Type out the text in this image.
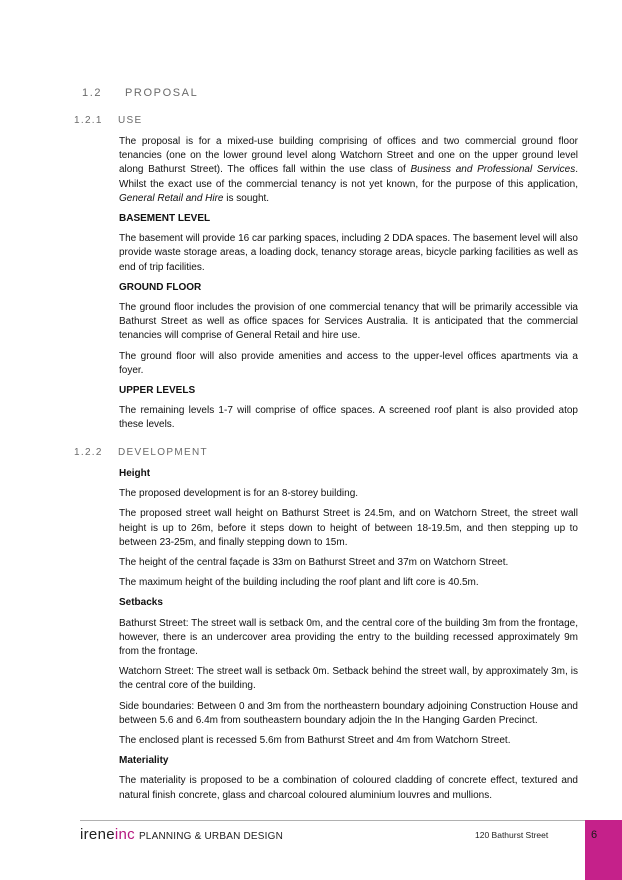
1.2 PROPOSAL
1.2.1 USE

The proposal is for a mixed-use building comprising of offices and two commercial ground floor tenancies (one on the lower ground level along Watchorn Street and one on the upper ground level along Bathurst Street). The offices fall within the use class of Business and Professional Services. Whilst the exact use of the commercial tenancy is not yet known, for the purpose of this application, General Retail and Hire is sought.

BASEMENT LEVEL

The basement will provide 16 car parking spaces, including 2 DDA spaces. The basement level will also provide waste storage areas, a loading dock, tenancy storage areas, bicycle parking facilities as well as end of trip facilities.

GROUND FLOOR

The ground floor includes the provision of one commercial tenancy that will be primarily accessible via Bathurst Street as well as office spaces for Services Australia. It is anticipated that the commercial tenancies will comprise of General Retail and hire use.

The ground floor will also provide amenities and access to the upper-level offices apartments via a foyer.

UPPER LEVELS

The remaining levels 1-7 will comprise of office spaces. A screened roof plant is also provided atop these levels.

1.2.2 DEVELOPMENT

Height

The proposed development is for an 8-storey building.

The proposed street wall height on Bathurst Street is 24.5m, and on Watchorn Street, the street wall height is up to 26m, before it steps down to height of between 18-19.5m, and then stepping up to between 23-25m, and finally stepping down to 15m.

The height of the central façade is 33m on Bathurst Street and 37m on Watchorn Street.

The maximum height of the building including the roof plant and lift core is 40.5m.

Setbacks

Bathurst Street: The street wall is setback 0m, and the central core of the building 3m from the frontage, however, there is an undercover area providing the entry to the building recessed approximately 9m from the frontage.

Watchorn Street: The street wall is setback 0m. Setback behind the street wall, by approximately 3m, is the central core of the building.

Side boundaries: Between 0 and 3m from the northeastern boundary adjoining Construction House and between 5.6 and 6.4m from southeastern boundary adjoin the In the Hanging Garden Precinct.

The enclosed plant is recessed 5.6m from Bathurst Street and 4m from Watchorn Street.

Materiality

The materiality is proposed to be a combination of coloured cladding of concrete effect, textured and natural finish concrete, glass and charcoal coloured aluminium louvres and mullions.

ireneinc PLANNING & URBAN DESIGN	120 Bathurst Street	6
